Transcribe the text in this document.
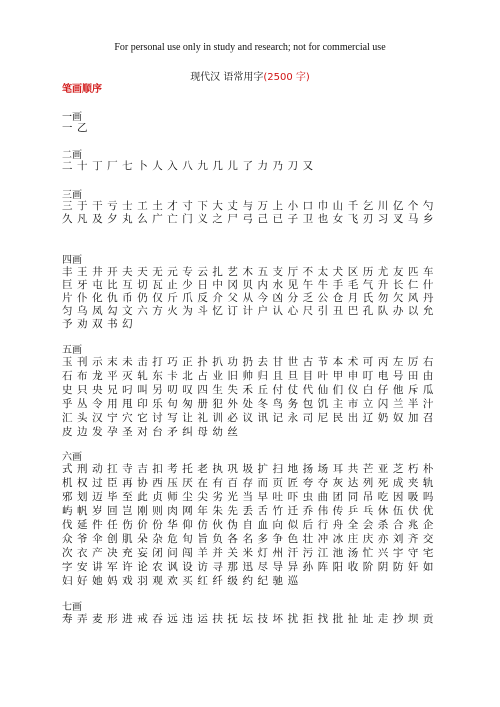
For personal use only in study and research; not for commercial use
现代汉 语常用字(2500 字)
笔画顺序
一画
一 乙
二画
二 十 丁 厂 七 卜 人 入 八 九 几 儿 了 力 乃 刀 又
三画
三 于 干 亏 士 工 土 才 寸 下 大 丈 与 万 上 小 口 巾 山 千 乞 川 亿 个 勺
久 凡 及 夕 丸 么 广 亡 门 义 之 尸 弓 己 已 子 卫 也 女 飞 刃 习 叉 马 乡
四画
丰 王 井 开 夫 天 无 元 专 云 扎 艺 木 五 支 厅 不 太 犬 区 历 尤 友 匹 车
巨 牙 屯 比 互 切 瓦 止 少 日 中 冈 贝 内 水 见 午 牛 手 毛 气 升 长 仁 什
片 仆 化 仇 币 仍 仅 斤 爪 反 介 父 从 今 凶 分 乏 公 仓 月 氏 勿 欠 风 丹
匀 乌 凤 勾 文 六 方 火 为 斗 忆 订 计 户 认 心 尺 引 丑 巴 孔 队 办 以 允
予 劝 双 书 幻
五画
玉 刊 示 末 未 击 打 巧 正 扑 扒 功 扔 去 甘 世 古 节 本 术 可 丙 左 厉 右
石 布 龙 平 灭 轧 东 卡 北 占 业 旧 帅 归 且 旦 目 叶 甲 申 叮 电 号 田 由
史 只 央 兄 叼 叫 另 叨 叹 四 生 失 禾 丘 付 仗 代 仙 们 仪 白 仔 他 斥 瓜
乎 丛 令 用 甩 印 乐 句 匆 册 犯 外 处 冬 鸟 务 包 饥 主 市 立 闪 兰 半 汁
汇 头 汉 宁 穴 它 讨 写 让 礼 训 必 议 讯 记 永 司 尼 民 出 辽 奶 奴 加 召
皮 边 发 孕 圣 对 台 矛 纠 母 幼 丝
六画
式 刑 动 扛 寺 吉 扣 考 托 老 执 巩 圾 扩 扫 地 扬 场 耳 共 芒 亚 芝 朽 朴
机 权 过 臣 再 协 西 压 厌 在 有 百 存 而 页 匠 夸 夺 灰 达 列 死 成 夹 轨
邪 划 迈 毕 至 此 贞 师 尘 尖 劣 光 当 早 吐 吓 虫 曲 团 同 吊 吃 因 吸 吗
屿 帆 岁 回 岂 刚 则 肉 网 年 朱 先 丢 舌 竹 迁 乔 伟 传 乒 乓 休 伍 伏 优
伐 延 件 任 伤 价 份 华 仰 仿 伙 伪 自 血 向 似 后 行 舟 全 会 杀 合 兆 企
众 爷 伞 创 肌 朵 杂 危 旬 旨 负 各 名 多 争 色 壮 冲 冰 庄 庆 亦 刘 齐 交
次 衣 产 决 充 妄 闭 问 闯 羊 并 关 米 灯 州 汗 污 江 池 汤 忙 兴 宇 守 宅
字 安 讲 军 许 论 农 讽 设 访 寻 那 迅 尽 导 异 孙 阵 阳 收 阶 阴 防 奸 如
妇 好 她 妈 戏 羽 观 欢 买 红 纤 级 约 纪 驰 巡
七画
寿 弄 麦 形 进 戒 吞 远 违 运 扶 抚 坛 技 坏 扰 拒 找 批 扯 址 走 抄 坝 贡
